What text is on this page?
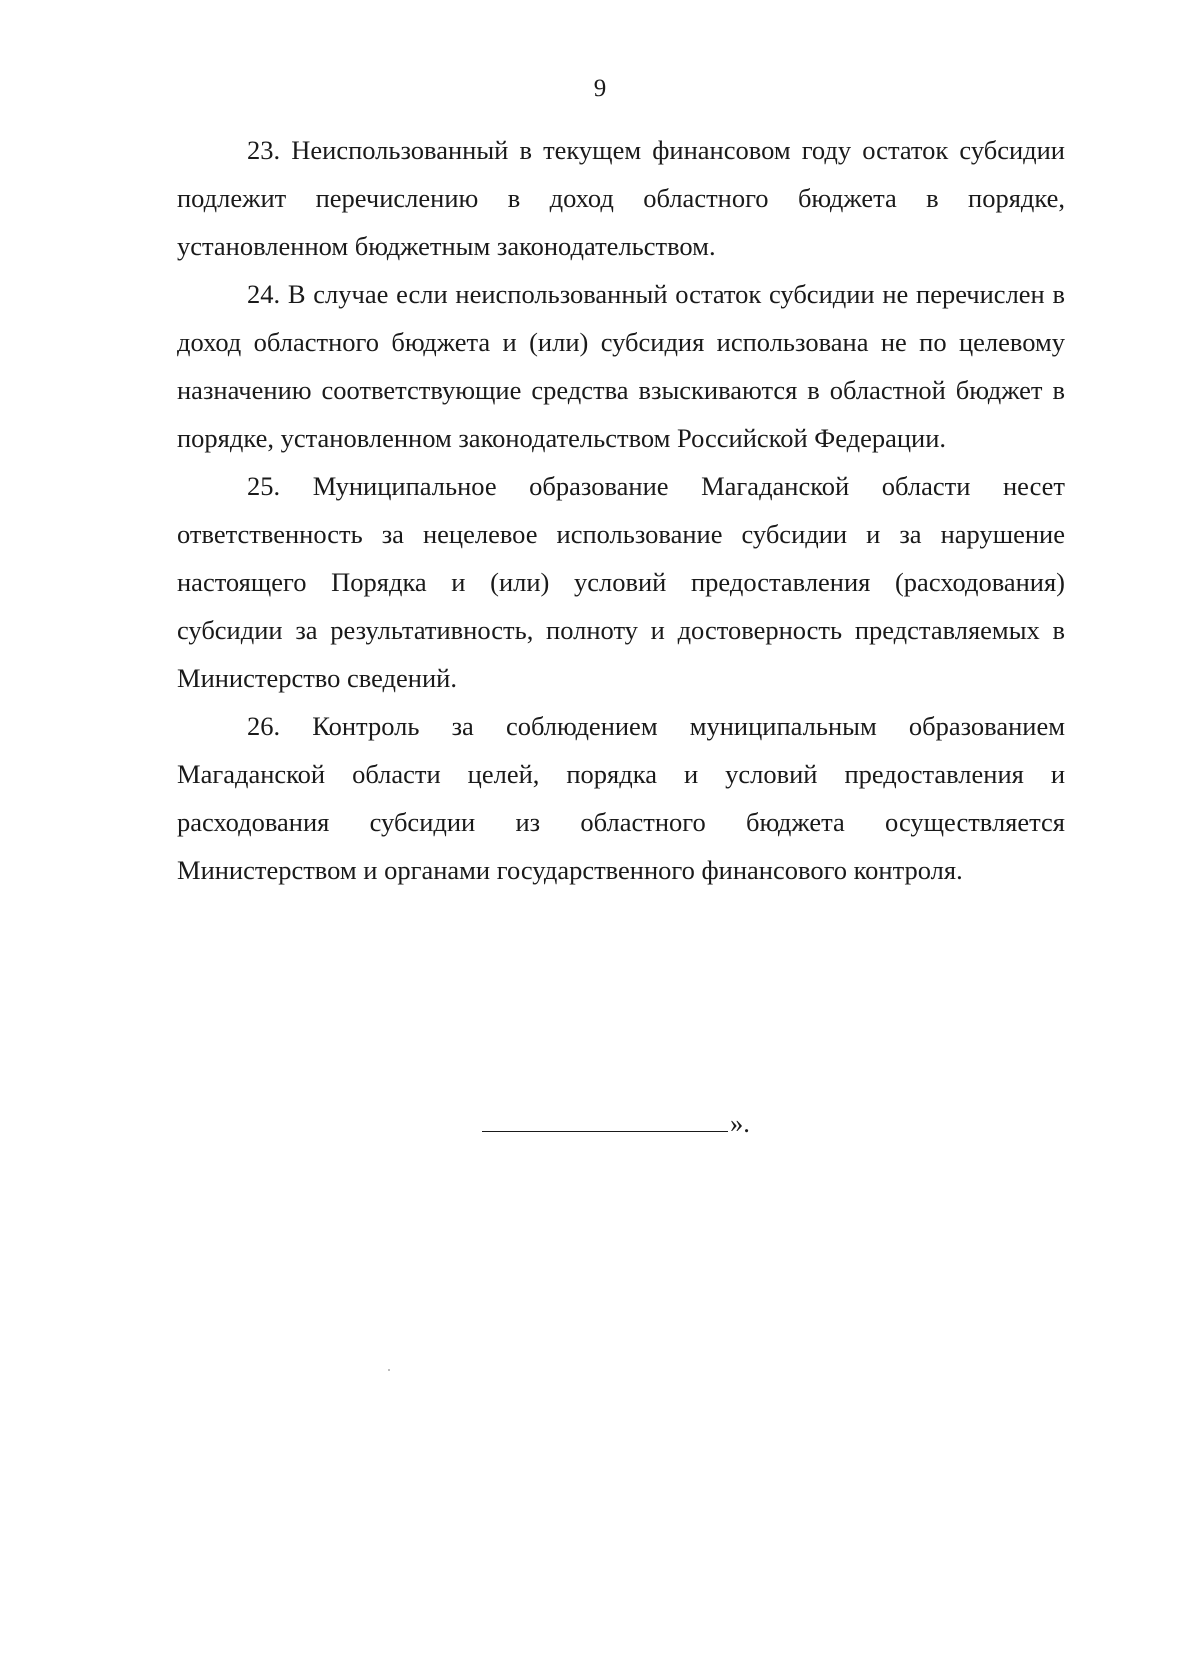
9

23. Неиспользованный в текущем финансовом году остаток субсидии подлежит перечислению в доход областного бюджета в порядке, установленном бюджетным законодательством.

24. В случае если неиспользованный остаток субсидии не перечислен в доход областного бюджета и (или) субсидия использована не по целевому назначению соответствующие средства взыскиваются в областной бюджет в порядке, установленном законодательством Российской Федерации.

25. Муниципальное образование Магаданской области несет ответственность за нецелевое использование субсидии и за нарушение настоящего Порядка и (или) условий предоставления (расходования) субсидии за результативность, полноту и достоверность представляемых в Министерство сведений.

26. Контроль за соблюдением муниципальным образованием Магаданской области целей, порядка и условий предоставления и расходования субсидии из областного бюджета осуществляется Министерством и органами государственного финансового контроля.

».
